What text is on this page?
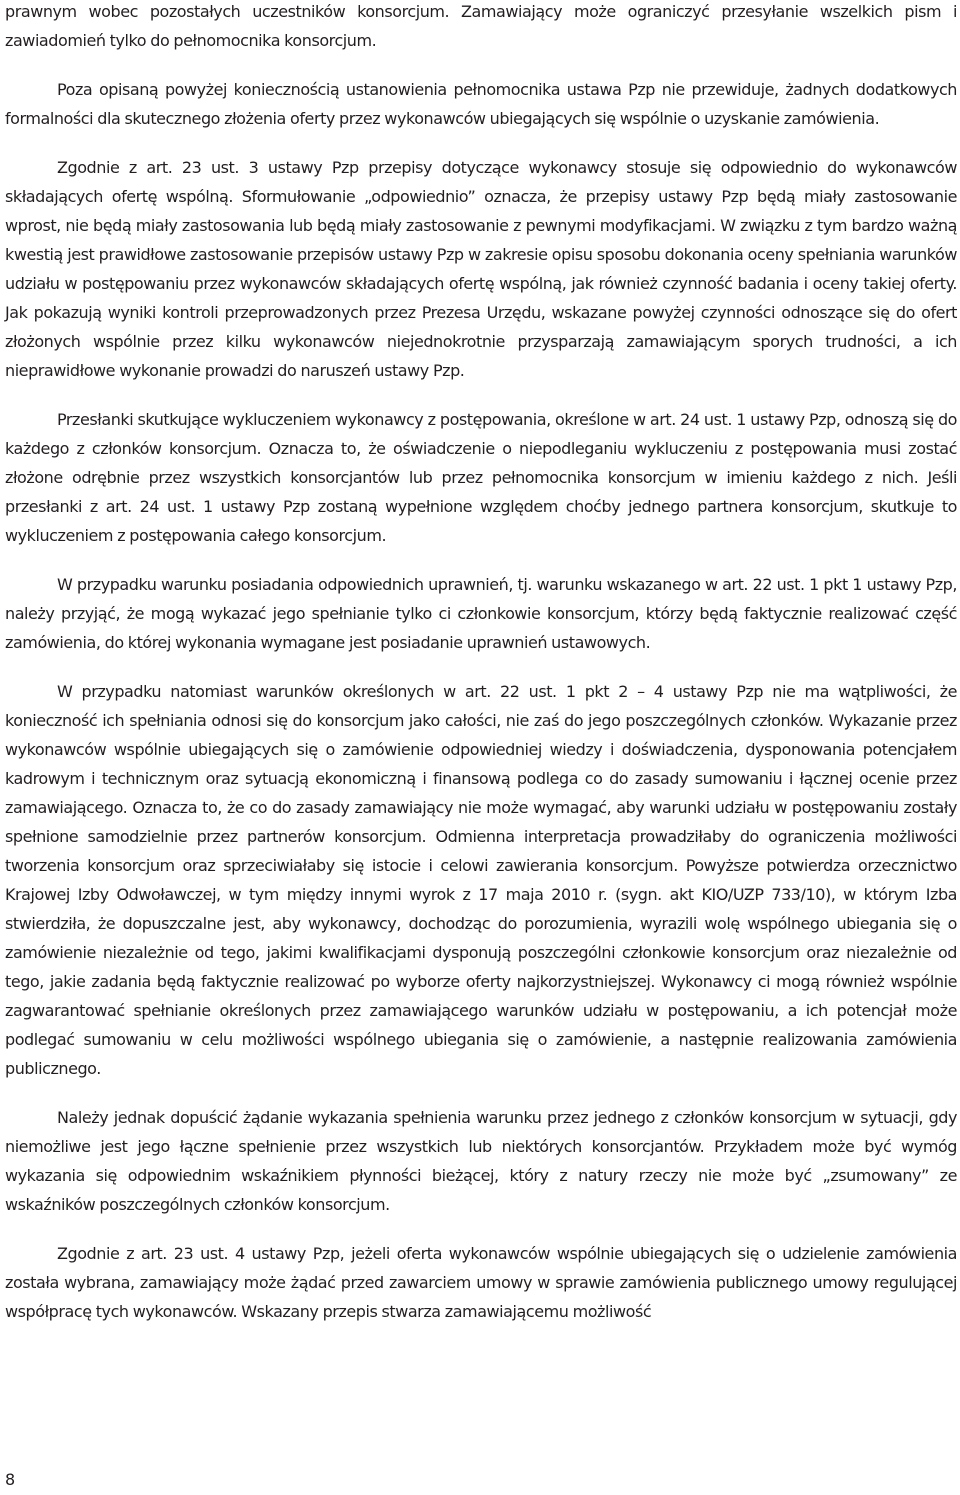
prawnym wobec pozostałych uczestników konsorcjum. Zamawiający może ograniczyć przesyłanie wszelkich pism i zawiadomień tylko do pełnomocnika konsorcjum.

Poza opisaną powyżej koniecznością ustanowienia pełnomocnika ustawa Pzp nie przewiduje, żadnych dodatkowych formalności dla skutecznego złożenia oferty przez wykonawców ubiegających się wspólnie o uzyskanie zamówienia.

Zgodnie z art. 23 ust. 3 ustawy Pzp przepisy dotyczące wykonawcy stosuje się odpowiednio do wykonawców składających ofertę wspólną. Sformułowanie „odpowiednio” oznacza, że przepisy ustawy Pzp będą miały zastosowanie wprost, nie będą miały zastosowania lub będą miały zastosowanie z pewnymi modyfikacjami. W związku z tym bardzo ważną kwestią jest prawidłowe zastosowanie przepisów ustawy Pzp w zakresie opisu sposobu dokonania oceny spełniania warunków udziału w postępowaniu przez wykonawców składających ofertę wspólną, jak również czynność badania i oceny takiej oferty. Jak pokazują wyniki kontroli przeprowadzonych przez Prezesa Urzędu, wskazane powyżej czynności odnoszące się do ofert złożonych wspólnie przez kilku wykonawców niejednokrotnie przysparzają zamawiającym sporych trudności, a ich nieprawidłowe wykonanie prowadzi do naruszeń ustawy Pzp.

Przesłanki skutkujące wykluczeniem wykonawcy z postępowania, określone w art. 24 ust. 1 ustawy Pzp, odnoszą się do każdego z członków konsorcjum. Oznacza to, że oświadczenie o niepodleganiu wykluczeniu z postępowania musi zostać złożone odrębnie przez wszystkich konsorcjantów lub przez pełnomocnika konsorcjum w imieniu każdego z nich. Jeśli przesłanki z art. 24 ust. 1 ustawy Pzp zostaną wypełnione względem choćby jednego partnera konsorcjum, skutkuje to wykluczeniem z postępowania całego konsorcjum.

W przypadku warunku posiadania odpowiednich uprawnień, tj. warunku wskazanego w art. 22 ust. 1 pkt 1 ustawy Pzp, należy przyjąć, że mogą wykazać jego spełnianie tylko ci członkowie konsorcjum, którzy będą faktycznie realizować część zamówienia, do której wykonania wymagane jest posiadanie uprawnień ustawowych.

W przypadku natomiast warunków określonych w art. 22 ust. 1 pkt 2 – 4 ustawy Pzp nie ma wątpliwości, że konieczność ich spełniania odnosi się do konsorcjum jako całości, nie zaś do jego poszczególnych członków. Wykazanie przez wykonawców wspólnie ubiegających się o zamówienie odpowiedniej wiedzy i doświadczenia, dysponowania potencjałem kadrowym i technicznym oraz sytuacją ekonomiczną i finansową podlega co do zasady sumowaniu i łącznej ocenie przez zamawiającego. Oznacza to, że co do zasady zamawiający nie może wymagać, aby warunki udziału w postępowaniu zostały spełnione samodzielnie przez partnerów konsorcjum. Odmienna interpretacja prowadziłaby do ograniczenia możliwości tworzenia konsorcjum oraz sprzeciwiałaby się istocie i celowi zawierania konsorcjum. Powyższe potwierdza orzecznictwo Krajowej Izby Odwoławczej, w tym między innymi wyrok z 17 maja 2010 r. (sygn. akt KIO/UZP 733/10), w którym Izba stwierdziła, że dopuszczalne jest, aby wykonawcy, dochodząc do porozumienia, wyrazili wolę wspólnego ubiegania się o zamówienie niezależnie od tego, jakimi kwalifikacjami dysponują poszczególni członkowie konsorcjum oraz niezależnie od tego, jakie zadania będą faktycznie realizować po wyborze oferty najkorzystniejszej. Wykonawcy ci mogą również wspólnie zagwarantować spełnianie określonych przez zamawiającego warunków udziału w postępowaniu, a ich potencjał może podlegać sumowaniu w celu możliwości wspólnego ubiegania się o zamówienie, a następnie realizowania zamówienia publicznego.

Należy jednak dopuścić żądanie wykazania spełnienia warunku przez jednego z członków konsorcjum w sytuacji, gdy niemożliwe jest jego łączne spełnienie przez wszystkich lub niektórych konsorcjantów. Przykładem może być wymóg wykazania się odpowiednim wskaźnikiem płynności bieżącej, który z natury rzeczy nie może być „zsumowany” ze wskaźników poszczególnych członków konsorcjum.

Zgodnie z art. 23 ust. 4 ustawy Pzp, jeżeli oferta wykonawców wspólnie ubiegających się o udzielenie zamówienia została wybrana, zamawiający może żądać przed zawarciem umowy w sprawie zamówienia publicznego umowy regulującej współpracę tych wykonawców. Wskazany przepis stwarza zamawiającemu możliwość

8
